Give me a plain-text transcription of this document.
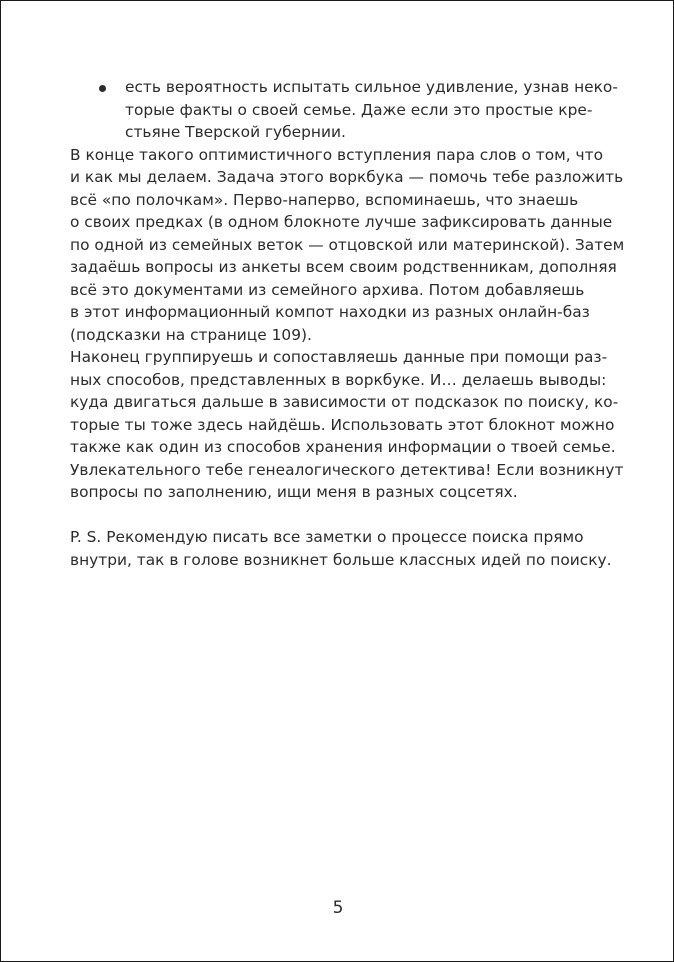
есть вероятность испытать сильное удивление, узнав неко-
торые факты о своей семье. Даже если это простые кре-
стьяне Тверской губернии.
В конце такого оптимистичного вступления пара слов о том, что
и как мы делаем. Задача этого воркбука — помочь тебе разложить
всё «по полочкам». Перво-наперво, вспоминаешь, что знаешь
о своих предках (в одном блокноте лучше зафиксировать данные
по одной из семейных веток — отцовской или материнской). Затем
задаёшь вопросы из анкеты всем своим родственникам, дополняя
всё это документами из семейного архива. Потом добавляешь
в этот информационный компот находки из разных онлайн-баз
(подсказки на странице 109).
Наконец группируешь и сопоставляешь данные при помощи раз-
ных способов, представленных в воркбуке. И… делаешь выводы:
куда двигаться дальше в зависимости от подсказок по поиску, ко-
торые ты тоже здесь найдёшь. Использовать этот блокнот можно
также как один из способов хранения информации о твоей семье.
Увлекательного тебе генеалогического детектива! Если возникнут
вопросы по заполнению, ищи меня в разных соцсетях.
P. S. Рекомендую писать все заметки о процессе поиска прямо
внутри, так в голове возникнет больше классных идей по поиску.
5
